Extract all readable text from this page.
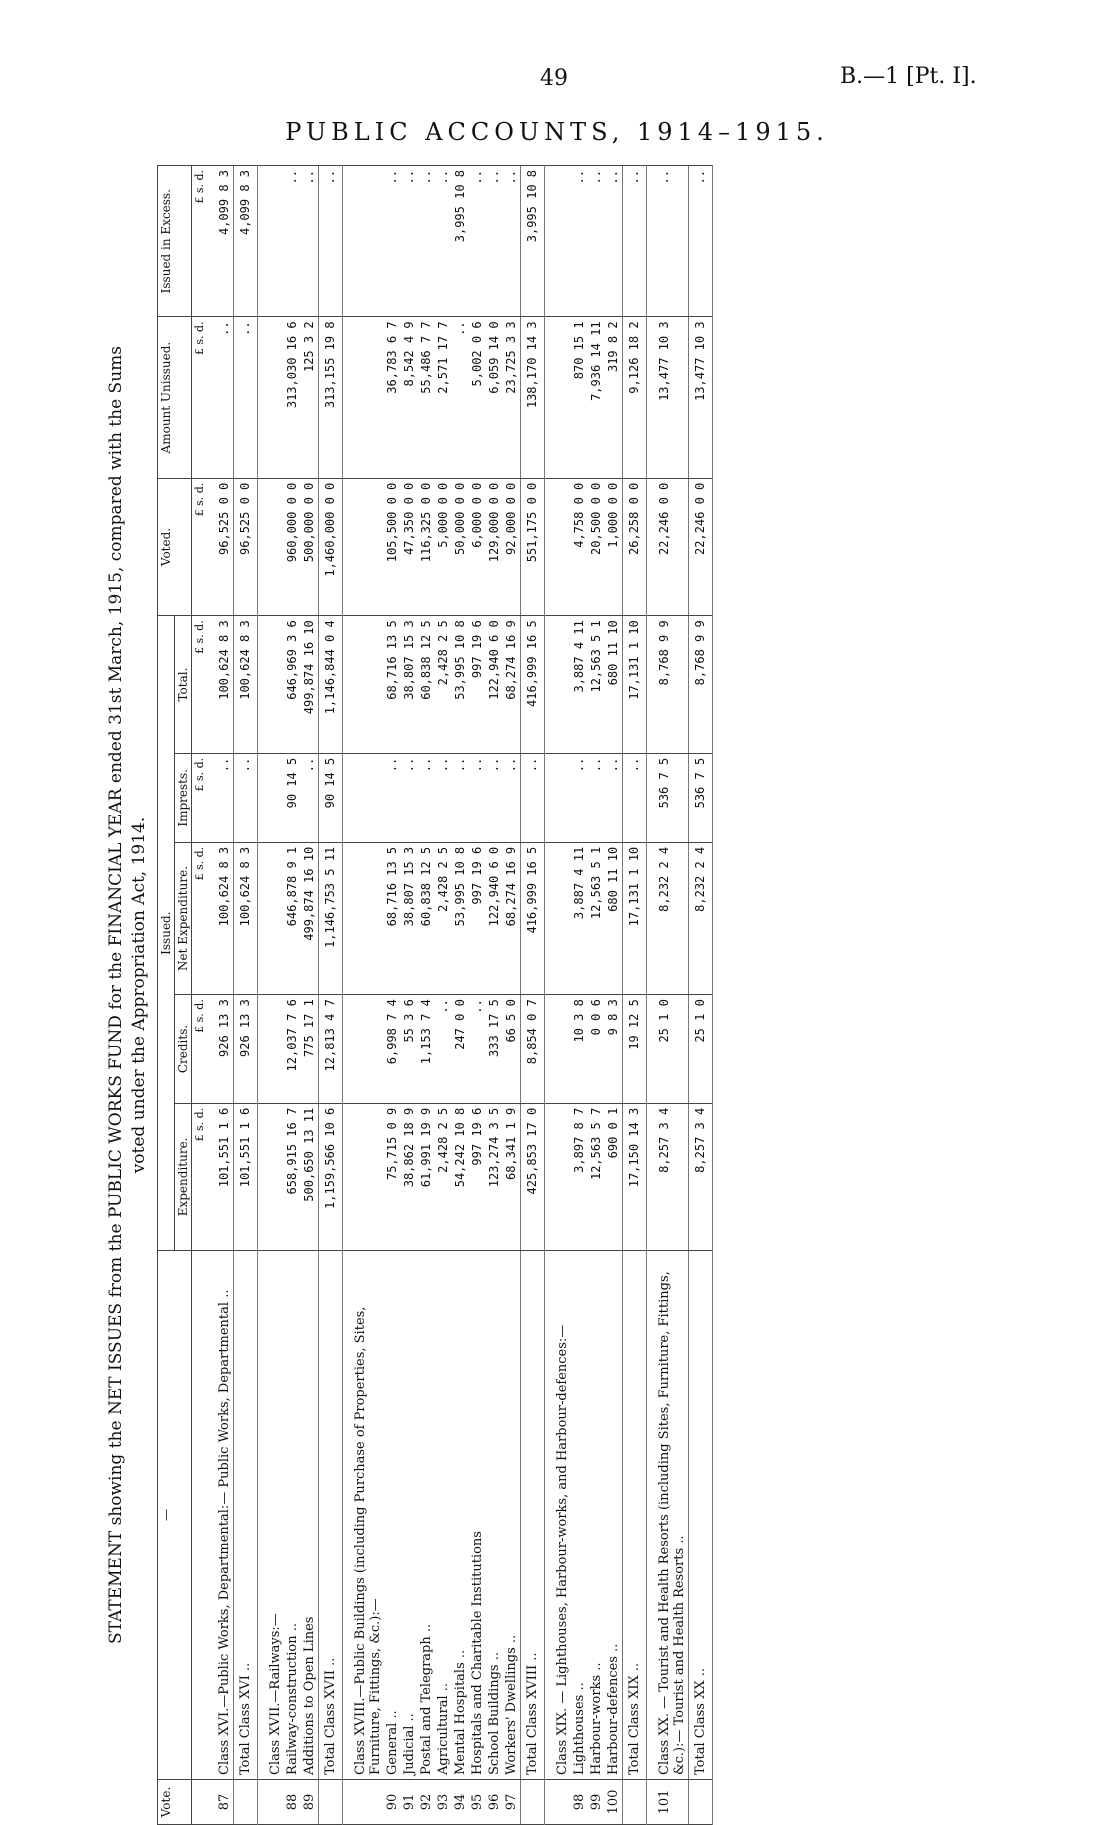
49	B.—1 [Pt. I].
PUBLIC ACCOUNTS, 1914–1915.
STATEMENT showing the NET ISSUES from the PUBLIC WORKS FUND for the FINANCIAL YEAR ended 31st March, 1915, compared with the Sums voted under the Appropriation Act, 1914.
Vote.	—	Issued.					Voted.	Amount Unissued.	Issued in Excess.
		Expenditure.	Credits.	Net Expenditure.	Imprests.	Total.			
		£ s. d.	£ s. d.	£ s. d.	£ s. d.	£ s. d.	£ s. d.	£ s. d.	£ s. d.
87	Class XVI.—Public Works, Departmental:— Public Works, Departmental ..	101,551 1 6	926 13 3	100,624 8 3	..	100,624 8 3	96,525 0 0	..	4,099 8 3
	Total Class XVI ..	101,551 1 6	926 13 3	100,624 8 3	..	100,624 8 3	96,525 0 0	..	4,099 8 3
	Class XVII.—Railways:—								
88	Railway-construction ..	658,915 16 7	12,037 7 6	646,878 9 1	90 14 5	646,969 3 6	960,000 0 0	313,030 16 6	..
89	Additions to Open Lines	500,650 13 11	775 17 1	499,874 16 10	..	499,874 16 10	500,000 0 0	125 3 2	..
	Total Class XVII ..	1,159,566 10 6	12,813 4 7	1,146,753 5 11	90 14 5	1,146,844 0 4	1,460,000 0 0	313,155 19 8	..
	Class XVIII.—Public Buildings (including Purchase of Properties, Sites, Furniture, Fittings, &c.):—								
90	General ..	75,715 0 9	6,998 7 4	68,716 13 5	..	68,716 13 5	105,500 0 0	36,783 6 7	..
91	Judicial ..	38,862 18 9	55 3 6	38,807 15 3	..	38,807 15 3	47,350 0 0	8,542 4 9	..
92	Postal and Telegraph ..	61,991 19 9	1,153 7 4	60,838 12 5	..	60,838 12 5	116,325 0 0	55,486 7 7	..
93	Agricultural ..	2,428 2 5	..	2,428 2 5	..	2,428 2 5	5,000 0 0	2,571 17 7	..
94	Mental Hospitals ..	54,242 10 8	247 0 0	53,995 10 8	..	53,995 10 8	50,000 0 0	..	3,995 10 8
95	Hospitals and Charitable Institutions	997 19 6	..	997 19 6	..	997 19 6	6,000 0 0	5,002 0 6	..
96	School Buildings ..	123,274 3 5	333 17 5	122,940 6 0	..	122,940 6 0	129,000 0 0	6,059 14 0	..
97	Workers' Dwellings ..	68,341 1 9	66 5 0	68,274 16 9	..	68,274 16 9	92,000 0 0	23,725 3 3	..
	Total Class XVIII ..	425,853 17 0	8,854 0 7	416,999 16 5	..	416,999 16 5	551,175 0 0	138,170 14 3	3,995 10 8
	Class XIX. — Lighthouses, Harbour-works, and Harbour-defences:—								
98	Lighthouses ..	3,897 8 7	10 3 8	3,887 4 11	..	3,887 4 11	4,758 0 0	870 15 1	..
99	Harbour-works ..	12,563 5 7	0 0 6	12,563 5 1	..	12,563 5 1	20,500 0 0	7,936 14 11	..
100	Harbour-defences ..	690 0 1	9 8 3	680 11 10	..	680 11 10	1,000 0 0	319 8 2	..
	Total Class XIX ..	17,150 14 3	19 12 5	17,131 1 10	..	17,131 1 10	26,258 0 0	9,126 18 2	..
101	Class XX. — Tourist and Health Resorts (including Sites, Furniture, Fittings, &c.):— Tourist and Health Resorts ..	8,257 3 4	25 1 0	8,232 2 4	536 7 5	8,768 9 9	22,246 0 0	13,477 10 3	..
	Total Class XX ..	8,257 3 4	25 1 0	8,232 2 4	536 7 5	8,768 9 9	22,246 0 0	13,477 10 3	..
